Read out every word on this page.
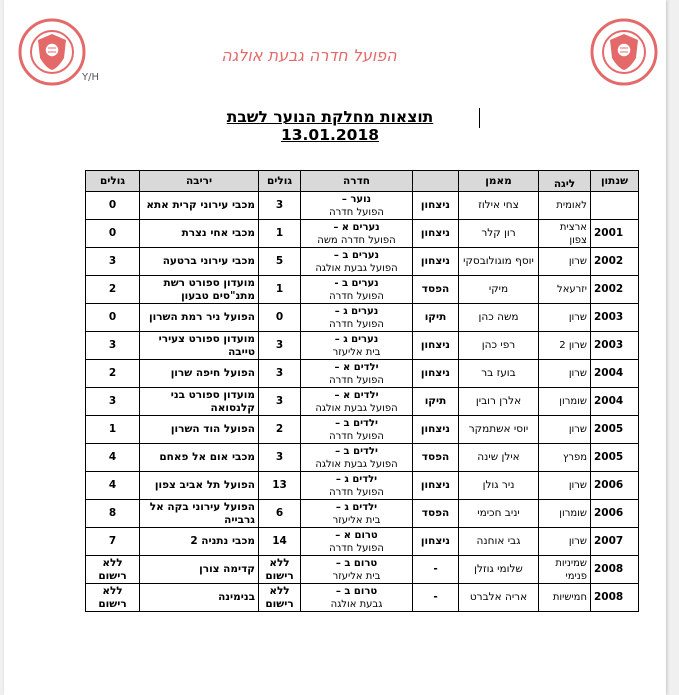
הפועל חדרה גבעת אולגה
Y/H
תוצאות מחלקת הנוער לשבת 13.01.2018
שנתון	ליגה	מאמן		חדרה	גולים	יריבה	גולים
	לאומית	צחי אילוז	ניצחון	נוער –
הפועל חדרה	3	מכבי עירוני קרית אתא	0
2001	ארצית צפון	רון קלר	ניצחון	נערים א –
הפועל חדרה משה	1	מכבי אחי נצרת	0
2002	שרון	יוסף מוגולובסקי	ניצחון	נערים ב –
הפועל גבעת אולגה	5	מכבי עירוני ברטעה	3
2002	יזרעאל	מיקי	הפסד	נערים ב -
הפועל חדרה	1	מועדון ספורט רשת מתנ"סים טבעון	2
2003	שרון	משה כהן	תיקו	נערים ג –
הפועל חדרה	0	הפועל ניר רמת השרון	0
2003	שרון 2	רפי כהן	ניצחון	נערים ג –
בית אליעזר	3	מועדון ספורט צעירי טייבה	3
2004	שרון	בועז בר	ניצחון	ילדים א –
הפועל חדרה	3	הפועל חיפה שרון	2
2004	שומרון	אלרן רובין	תיקו	ילדים א –
הפועל גבעת אולגה	3	מועדון ספורט בני קלנסואה	3
2005	שרון	יוסי אשתמקר	ניצחון	ילדים ב –
הפועל חדרה	2	הפועל הוד השרון	1
2005	מפרץ	אילן שינה	הפסד	ילדים ב –
הפועל גבעת אולגה	3	מכבי אום אל פאחם	4
2006	שרון	ניר גולן	ניצחון	ילדים ג –
הפועל חדרה	13	הפועל תל אביב צפון	4
2006	שומרון	יניב חכימי	הפסד	ילדים ג –
בית אליעזר	6	הפועל עירוני בקה אל גרבייה	8
2007	שרון	גבי אוחנה	ניצחון	טרום א –
הפועל חדרה	14	מכבי נתניה 2	7
2008	שמיניות פנימי	שלומי גוזלן	-	טרום ב –
בית אליעזר	ללא רישום	קדימה צורן	ללא רישום
2008	חמישיות	אריה אלברט	-	טרום ב –
גבעת אולגה	ללא רישום	בנימינה	ללא רישום
